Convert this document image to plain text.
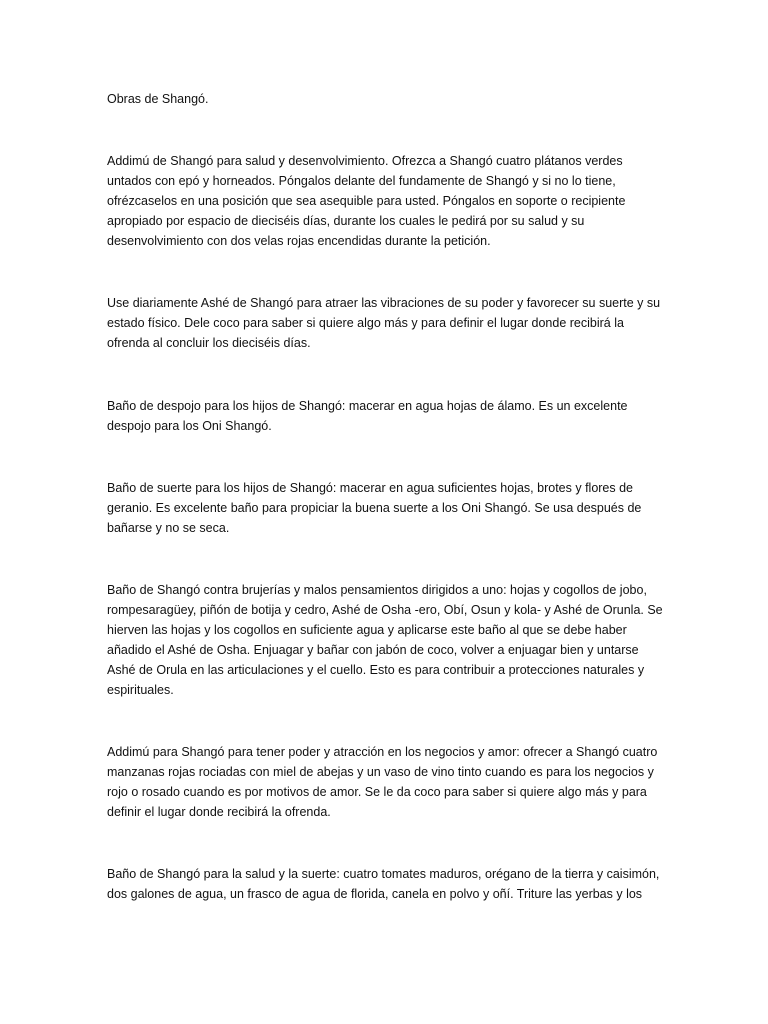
Obras de Shangó.

Addimú de Shangó para salud y desenvolvimiento. Ofrezca a Shangó cuatro plátanos verdes untados con epó y horneados. Póngalos delante del fundamente de Shangó y si no lo tiene, ofrézcaselos en una posición que sea asequible para usted. Póngalos en soporte o recipiente apropiado por espacio de dieciséis días, durante los cuales le pedirá por su salud y su desenvolvimiento con dos velas rojas encendidas durante la petición.

Use diariamente Ashé de Shangó para atraer las vibraciones de su poder y favorecer su suerte y su estado físico. Dele coco para saber si quiere algo más y para definir el lugar donde recibirá la ofrenda al concluir los dieciséis días.

Baño de despojo para los hijos de Shangó: macerar en agua hojas de álamo. Es un excelente despojo para los Oni Shangó.

Baño de suerte para los hijos de Shangó: macerar en agua suficientes hojas, brotes y flores de geranio. Es excelente baño para propiciar la buena suerte a los Oni Shangó. Se usa después de bañarse y no se seca.

Baño de Shangó contra brujerías y malos pensamientos dirigidos a uno: hojas y cogollos de jobo, rompesaragüey, piñón de botija y cedro, Ashé de Osha -ero, Obí, Osun y kola- y Ashé de Orunla. Se hierven las hojas y los cogollos en suficiente agua y aplicarse este baño al que se debe haber añadido el Ashé de Osha. Enjuagar y bañar con jabón de coco, volver a enjuagar bien y untarse Ashé de Orula en las articulaciones y el cuello. Esto es para contribuir a protecciones naturales y espirituales.

Addimú para Shangó para tener poder y atracción en los negocios y amor: ofrecer a Shangó cuatro manzanas rojas rociadas con miel de abejas y un vaso de vino tinto cuando es para los negocios y rojo o rosado cuando es por motivos de amor. Se le da coco para saber si quiere algo más y para definir el lugar donde recibirá la ofrenda.

Baño de Shangó para la salud y la suerte: cuatro tomates maduros, orégano de la tierra y caisimón, dos galones de agua, un frasco de agua de florida, canela en polvo y oñí. Triture las yerbas y los
